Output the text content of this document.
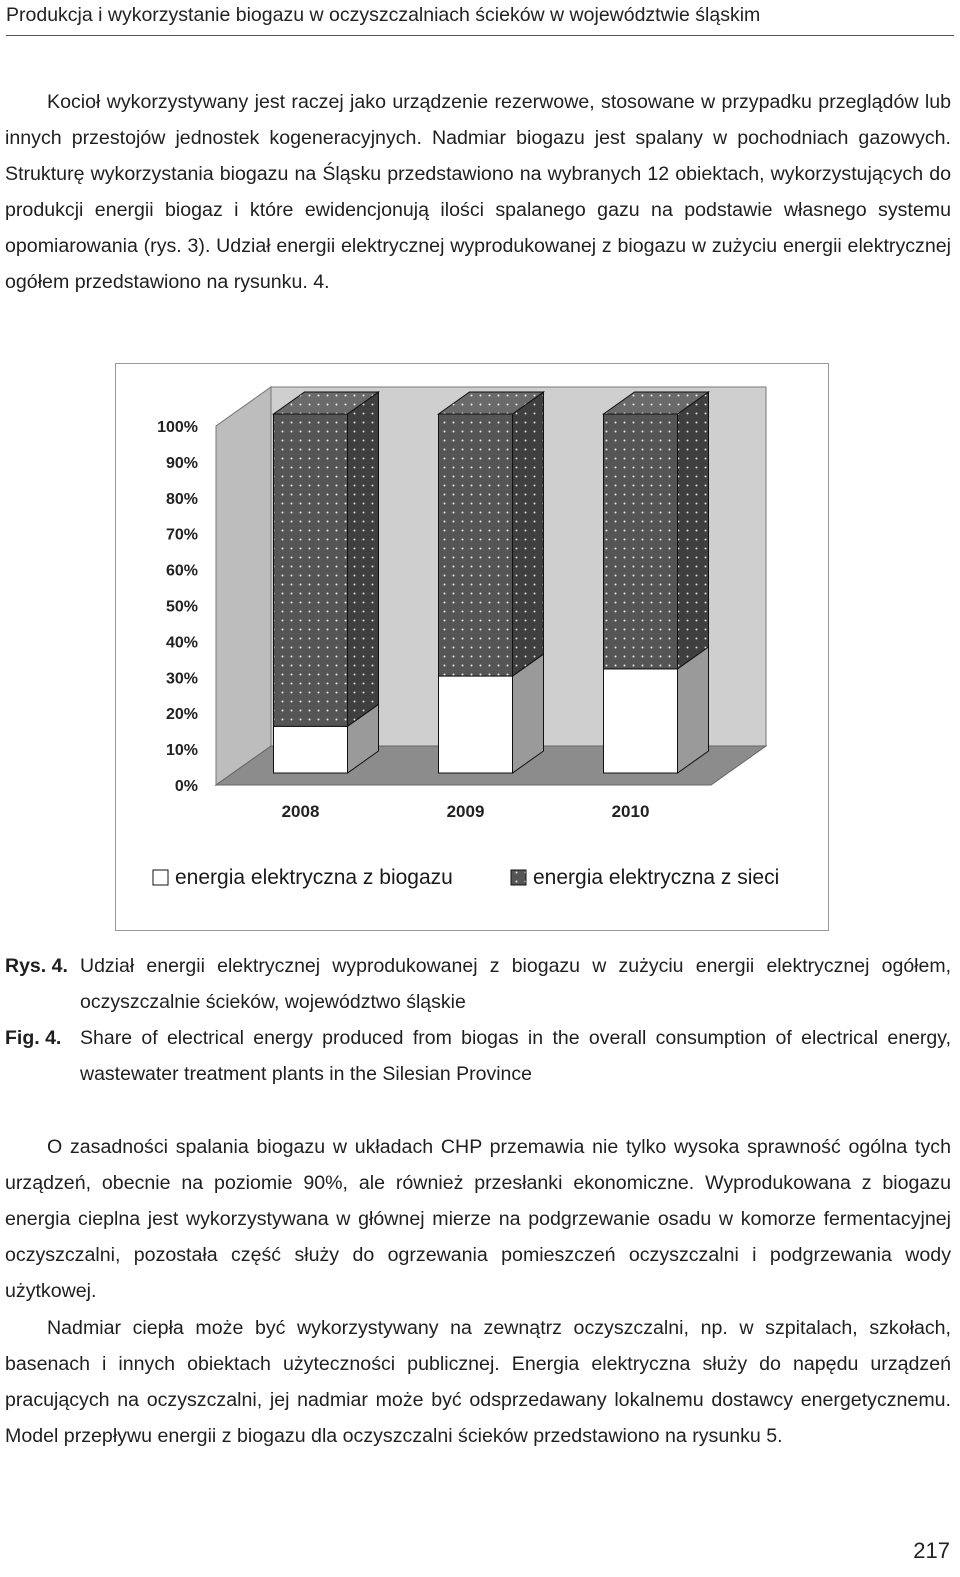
Produkcja i wykorzystanie biogazu w oczyszczalniach ścieków w województwie śląskim

Kocioł wykorzystywany jest raczej jako urządzenie rezerwowe, stosowane w przypadku przeglądów lub innych przestojów jednostek kogeneracyjnych. Nadmiar biogazu jest spalany w pochodniach gazowych. Strukturę wykorzystania biogazu na Śląsku przedstawiono na wybranych 12 obiektach, wykorzystujących do produkcji energii biogaz i które ewidencjonują ilości spalanego gazu na podstawie własnego systemu opomiarowania (rys. 3). Udział energii elektrycznej wyprodukowanej z biogazu w zużyciu energii elektrycznej ogółem przedstawiono na rysunku. 4.

0%
10%
20%
30%
40%
50%
60%
70%
80%
90%
100%
2008	2009	2010
energia elektryczna z biogazu	energia elektryczna z sieci
Rys. 4. Udział energii elektrycznej wyprodukowanej z biogazu w zużyciu energii elektrycznej ogółem, oczyszczalnie ścieków, województwo śląskie
Fig. 4. Share of electrical energy produced from biogas in the overall consumption of electrical energy, wastewater treatment plants in the Silesian Province

O zasadności spalania biogazu w układach CHP przemawia nie tylko wysoka sprawność ogólna tych urządzeń, obecnie na poziomie 90%, ale również przesłanki ekonomiczne. Wyprodukowana z biogazu energia cieplna jest wykorzystywana w głównej mierze na podgrzewanie osadu w komorze fermentacyjnej oczyszczalni, pozostała część służy do ogrzewania pomieszczeń oczyszczalni i podgrzewania wody użytkowej.

Nadmiar ciepła może być wykorzystywany na zewnątrz oczyszczalni, np. w szpitalach, szkołach, basenach i innych obiektach użyteczności publicznej. Energia elektryczna służy do napędu urządzeń pracujących na oczyszczalni, jej nadmiar może być odsprzedawany lokalnemu dostawcy energetycznemu. Model przepływu energii z biogazu dla oczyszczalni ścieków przedstawiono na rysunku 5.

217
